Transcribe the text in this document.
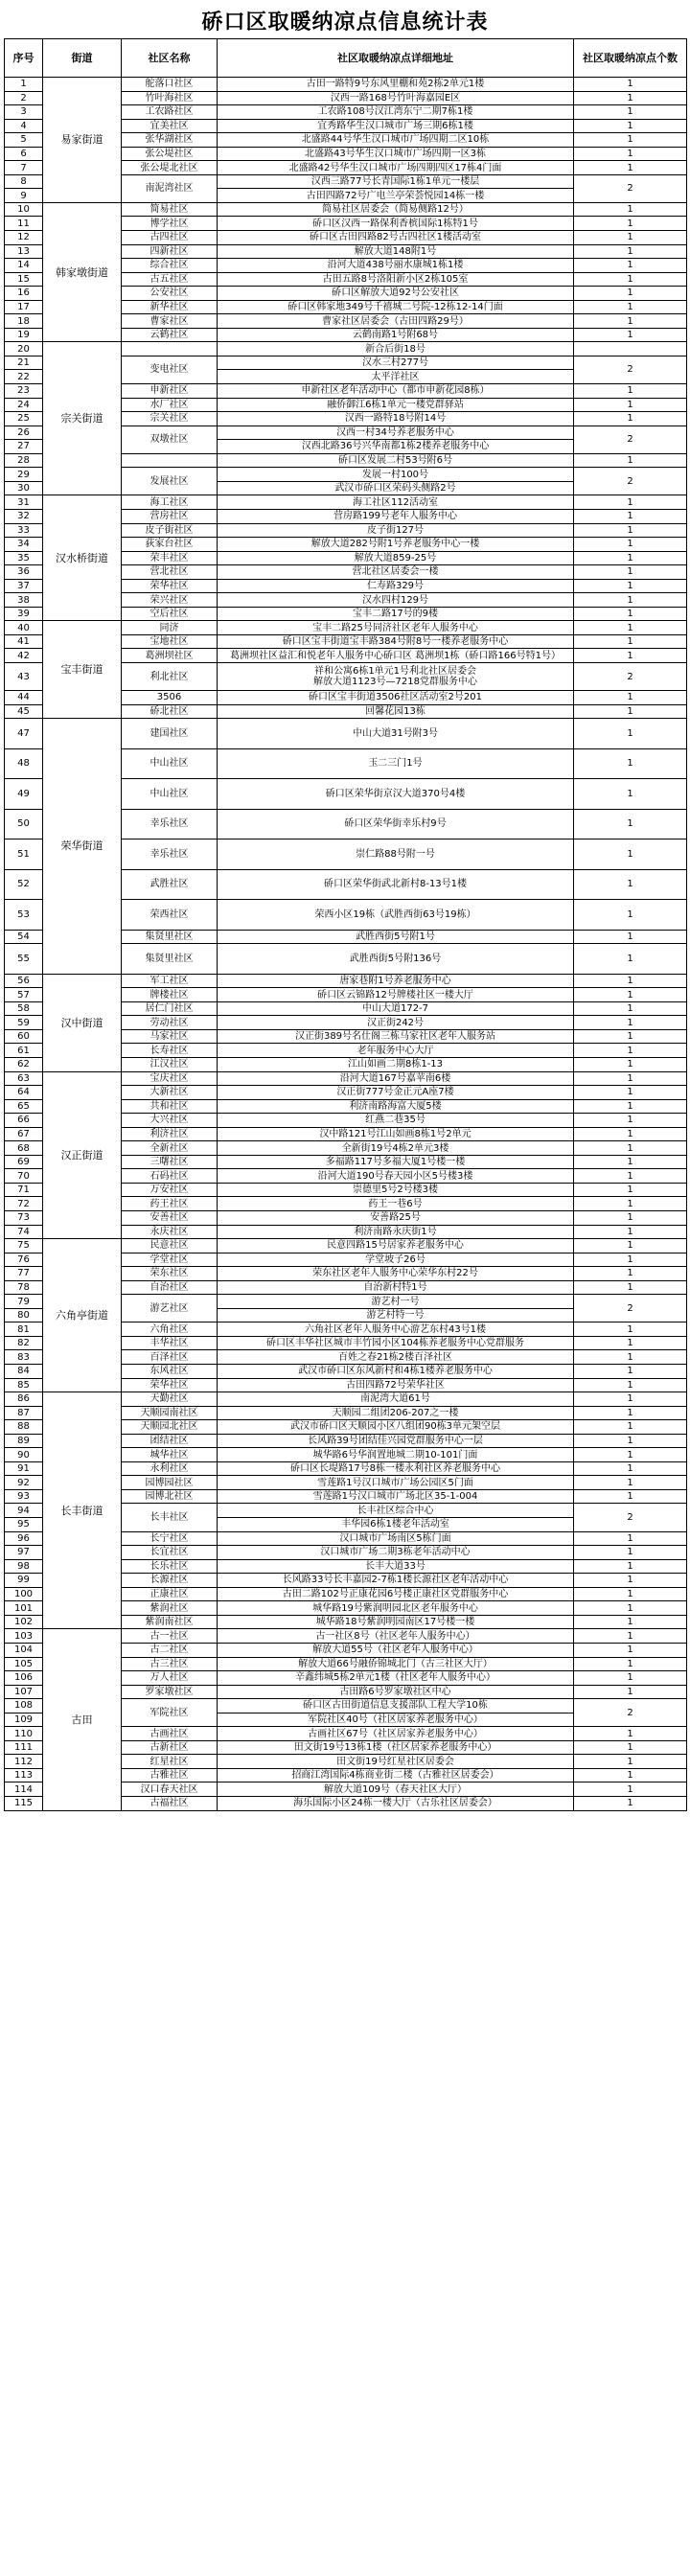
硚口区取暖纳凉点信息统计表
序号	街道	社区名称	社区取暖纳凉点详细地址	社区取暖纳凉点个数	
1	易家街道	舵落口社区	古田一路特9号东风里棚和苑2栋2单元1楼	1	
2		竹叶海社区	汉西一路168号竹叶海嘉园E区	1	
3		工农路社区	工农路108号汉江湾东宁二期7栋1楼	1	
4		宜美社区	宜秀路华生汉口城市广场三期6栋1楼	1	
5		张华湖社区	北盛路44号华生汉口城市广场四期二区10栋	1	
6		张公堤社区	北盛路43号华生汉口城市广场四期一区3栋	1	
7		张公堤北社区	北盛路42号华生汉口城市广场四期四区17栋4门面	1	
8		南泥湾社区	汉西三路77号长青国际1栋1单元一楼层	2	
9			古田四路72号广电兰亭荣荟悦园14栋一楼		

10	韩家墩街道	简易社区	简易社区居委会（简易侧路12号）	1	
11		博学社区	硚口区汉西一路保利香槟国际1栋特1号	1	
12		古四社区	硚口区古田四路82号古四社区1楼活动室	1	
13		四新社区	解放大道148附1号	1	
14		综合社区	沿河大道438号丽水康城1栋1楼	1	
15		古五社区	古田五路8号洛阳新小区2栋105室	1	
16		公安社区	硚口区解放大道92号公安社区	1	
17		新华社区	硚口区韩家地349号千禧城二号院-12栋12-14门面	1	
18		曹家社区	曹家社区居委会（古田四路29号）	1	
19		云鹤社区	云鹤南路1号附68号	1	
20	宗关街道		新合后街18号		

21		变电社区	汉水三村277号	2	
22			太平洋社区	

23		申新社区	申新社区老年活动中心（都市申新花园8栋）	1	
24		水厂社区	融侨御江6栋1单元一楼党群驿站	1	
25		宗关社区	汉西一路特18号附14号	1	
26		双墩社区	汉西一村34号养老服务中心	2	
27			汉西北路36号兴华南都1栋2楼养老服务中心		

28			硚口区发展二村53号附6号	1	
29		发展社区	发展一村100号	2	
30			武汉市硚口区荣码头侧路2号		

31	汉水桥街道	海工社区	海工社区112活动室	1	
32		营房社区	营房路199号老年人服务中心	1	
33		皮子街社区	皮子街127号	1	
34		荻家台社区	解放大道282号附1号养老服务中心一楼	1	
35		荣丰社区	解放大道859-25号	1	
36		营北社区	营北社区居委会一楼	1	
37		荣华社区	仁寿路329号	1	
38		荣兴社区	汉水四村129号	1	
39		空后社区	宝丰二路17号的9楼	1	
40	宝丰街道	同济	宝丰二路25号同济社区老年人服务中心	1	
41		宝地社区	硚口区宝丰街道宝丰路384号附8号一楼养老服务中心	1	
42		葛洲坝社区	葛洲坝社区益汇和悦老年人服务中心硚口区 葛洲坝1栋（硚口路166号特1号）	1	
43		利北社区	祥和公寓6栋1单元1号利北社区居委会
解放大道1123号—7218党群服务中心	2	
44		3506	硚口区宝丰街道3506社区活动室2号201	1	
45		硚北社区	回馨花园13栋	1	
47	荣华街道	建国社区	中山大道31号附3号	1	
48		中山社区	玉二三门1号	1	
49		中山社区	硚口区荣华街京汉大道370号4楼	1	
50		幸乐社区	硚口区荣华街幸乐村9号	1	
51		幸乐社区	崇仁路88号附一号	1	
52		武胜社区	硚口区荣华街武北新村8-13号1楼	1	
53		荣西社区	荣西小区19栋（武胜西街63号19栋）	1	
54		集贤里社区	武胜西街5号附1号	1	
55		集贤里社区	武胜西街5号附136号	1	
56	汉中街道	军工社区	唐家巷附1号养老服务中心	1	
57		牌楼社区	硚口区云锦路12号牌楼社区一楼大厅	1	
58		居仁门社区	中山大道172-7	1	
59		劳动社区	汉正街242号	1	
60		马家社区	汉正街389号名仕阁三栋马家社区老年人服务站	1	
61		长寿社区	老年服务中心大厅	1	
62		江汉社区	江山如画二期8栋1-13	1	
63	汉正街道	宝庆社区	沿河大道167号嘉苹南6楼	1	
64		大新社区	汉正街777号金正元A座7楼	1	
65		共和社区	利济南路海富大厦5楼	1	
66		大兴社区	红燕二巷35号	1	
67		利济社区	汉中路121号江山如画8栋1号2单元	1	
68		全新社区	全新街19号4栋2单元3楼	1	
69		三曙社区	多福路117号多福大厦1号楼一楼	1	
70		石码社区	沿河大道190号春天园小区5号楼3楼	1	
71		万安社区	崇德里5号2号楼3楼	1	
72		药王社区	药王一巷6号	1	
73		安善社区	安善路25号	1	
74		永庆社区	利济南路永庆街1号	1	
75	六角亭街道	民意社区	民意四路15号居家养老服务中心	1	
76		学堂社区	学堂坡子26号	1	
77		荣东社区	荣东社区老年人服务中心荣华东村22号	1	
78		自治社区	自治新村特1号	1	
79		游艺社区	游艺村一号	2	
80			游艺村特一号		

81		六角社区	六角社区老年人服务中心游艺东村43号1楼	1	
82		丰华社区	硚口区丰华社区城市丰竹园小区104栋养老服务中心党群服务	1	
83		百泽社区	百姓之春21栋2楼百泽社区	1	
84		东风社区	武汉市硚口区东风新村和4栋1楼养老服务中心	1	
85		荣华社区	古田四路72号荣华社区	1	
86	长丰街道	天勤社区	南泥湾大道61号	1	
87		天顺园南社区	天顺园二组团206-207之一楼	1	
88		天顺园北社区	武汉市硚口区天顺园小区八组团90栋3单元架空层	1	
89		团结社区	长风路39号团结佳兴园党群服务中心一层	1	
90		城华社区	城华路6号华润置地城二期10-101门面	1	
91		永利社区	硚口区长堤路17号8栋一楼永利社区养老服务中心	1	
92		园博园社区	雪莲路1号汉口城市广场公园区5门面	1	
93		园博北社区	雪莲路1号汉口城市广场北区35-1-004	1	
94		长丰社区	长丰社区综合中心	2	
95			丰华园6栋1楼老年活动室		

96		长宁社区	汉口城市广场南区5栋门面	1	
97		长宜社区	汉口城市广场二期3栋老年活动中心	1	
98		长乐社区	长丰大道33号	1	
99		长源社区	长风路33号长丰嘉园2-7栋1楼长源社区老年活动中心	1	
100		正康社区	古田二路102号正康花园6号楼正康社区党群服务中心	1	
101		紫润社区	城华路19号紫润明园北区老年服务中心	1	
102		紫润南社区	城华路18号紫润明园南区17号楼一楼	1	
103	古田	古一社区	古一社区8号（社区老年人服务中心）	1	
104		古二社区	解放大道55号（社区老年人服务中心）	1	
105		古三社区	解放大道66号融侨锦城北门（古三社区大厅）	1	
106		万人社区	辛鑫纬城5栋2单元1楼（社区老年人服务中心）	1	
107		罗家墩社区	古田路6号罗家墩社区中心	1	
108		军院社区	硚口区古田街道信息支援部队工程大学10栋	2	
109			军院社区40号（社区居家养老服务中心）		

110		古画社区	古画社区67号（社区居家养老服务中心）	1	
111		古新社区	田文街19号13栋1楼（社区居家养老服务中心）	1	
112		红星社区	田文街19号红星社区居委会	1	
113		古雅社区	招商江湾国际4栋商业街二楼（古雅社区居委会）	1	
114		汉口春天社区	解放大道109号（春天社区大厅）	1	
115		古福社区	海乐国际小区24栋一楼大厅（古乐社区居委会）	1	
